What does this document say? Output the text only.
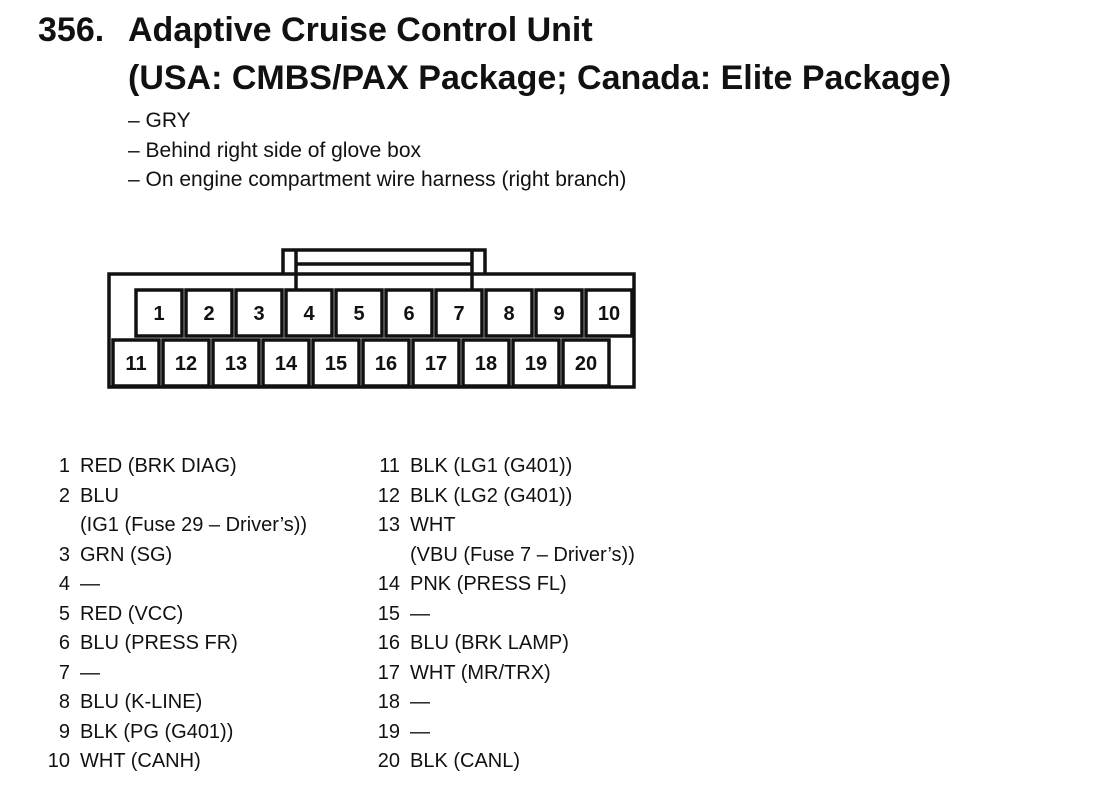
356. Adaptive Cruise Control Unit
(USA: CMBS/PAX Package; Canada: Elite Package)
– GRY
– Behind right side of glove box
– On engine compartment wire harness (right branch)
1 2 3 4 5 6 7 8 9 10
11 12 13 14 15 16 17 18 19 20
1 RED (BRK DIAG)
2 BLU
(IG1 (Fuse 29 – Driver’s))
3 GRN (SG)
4 —
5 RED (VCC)
6 BLU (PRESS FR)
7 —
8 BLU (K-LINE)
9 BLK (PG (G401))
10 WHT (CANH)
11 BLK (LG1 (G401))
12 BLK (LG2 (G401))
13 WHT
(VBU (Fuse 7 – Driver’s))
14 PNK (PRESS FL)
15 —
16 BLU (BRK LAMP)
17 WHT (MR/TRX)
18 —
19 —
20 BLK (CANL)
